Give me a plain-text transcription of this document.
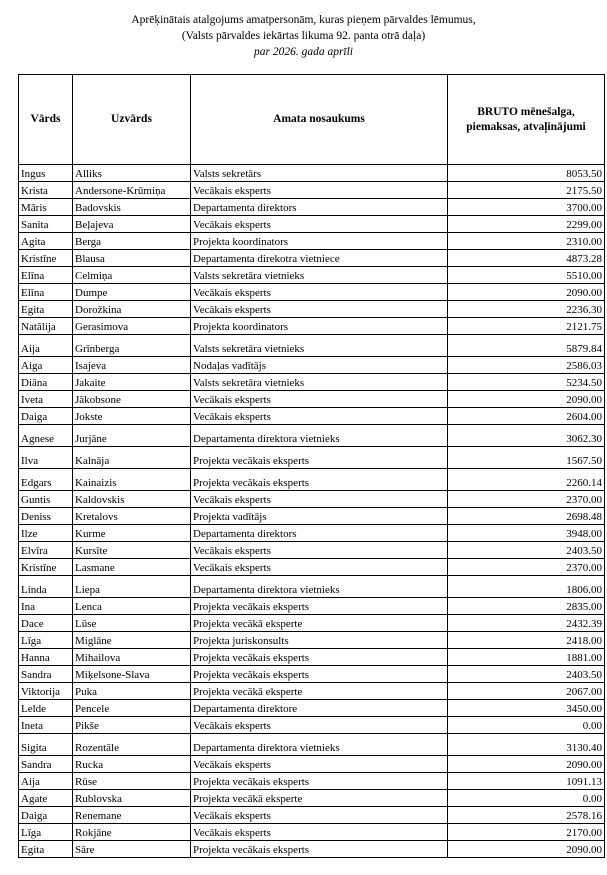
Aprēķinātais atalgojums amatpersonām, kuras pieņem pārvaldes lēmumus,
(Valsts pārvaldes iekārtas likuma 92. panta otrā daļa)
par 2026. gada aprīli
Vārds	Uzvārds	Amata nosaukums	BRUTO mēnešalga, piemaksas, atvaļinājumi
Ingus	Alliks	Valsts sekretārs	8053.50
Krista	Andersone-Krūmiņa	Vecākais eksperts	2175.50
Māris	Badovskis	Departamenta direktors	3700.00
Sanita	Beļajeva	Vecākais eksperts	2299.00
Agita	Berga	Projekta koordinators	2310.00
Kristīne	Blausa	Departamenta direkotra vietniece	4873.28
Elīna	Celmiņa	Valsts sekretāra vietnieks	5510.00
Elīna	Dumpe	Vecākais eksperts	2090.00
Egita	Dorožkina	Vecākais eksperts	2236.30
Natālija	Gerasimova	Projekta koordinators	2121.75
Aija	Grīnberga	Valsts sekretāra vietnieks	5879.84
Aiga	Isajeva	Nodaļas vadītājs	2586.03
Diāna	Jakaite	Valsts sekretāra vietnieks	5234.50
Iveta	Jākobsone	Vecākais eksperts	2090.00
Daiga	Jokste	Vecākais eksperts	2604.00
Agnese	Jurjāne	Departamenta direktora vietnieks	3062.30
Ilva	Kalnāja	Projekta vecākais eksperts	1567.50
Edgars	Kainaizis	Projekta vecākais eksperts	2260.14
Guntis	Kaldovskis	Vecākais eksperts	2370.00
Deniss	Kretalovs	Projekta vadītājs	2698.48
Ilze	Kurme	Departamenta direktors	3948.00
Elvīra	Kursīte	Vecākais eksperts	2403.50
Kristīne	Lasmane	Vecākais eksperts	2370.00
Linda	Liepa	Departamenta direktora vietnieks	1806.00
Ina	Lenca	Projekta vecākais eksperts	2835.00
Dace	Lūse	Projekta vecākā eksperte	2432.39
Līga	Miglāne	Projekta juriskonsults	2418.00
Hanna	Mihailova	Projekta vecākais eksperts	1881.00
Sandra	Miķelsone-Slava	Projekta vecākais eksperts	2403.50
Viktorija	Puka	Projekta vecākā eksperte	2067.00
Lelde	Pencele	Departamenta direktore	3450.00
Ineta	Pikše	Vecākais eksperts	0.00
Sigita	Rozentāle	Departamenta direktora vietnieks	3130.40
Sandra	Rucka	Vecākais eksperts	2090.00
Aija	Rūse	Projekta vecākais eksperts	1091.13
Agate	Rublovska	Projekta vecākā eksperte	0.00
Daiga	Renemane	Vecākais eksperts	2578.16
Līga	Rokjāne	Vecākais eksperts	2170.00
Egita	Sāre	Projekta vecākais eksperts	2090.00
